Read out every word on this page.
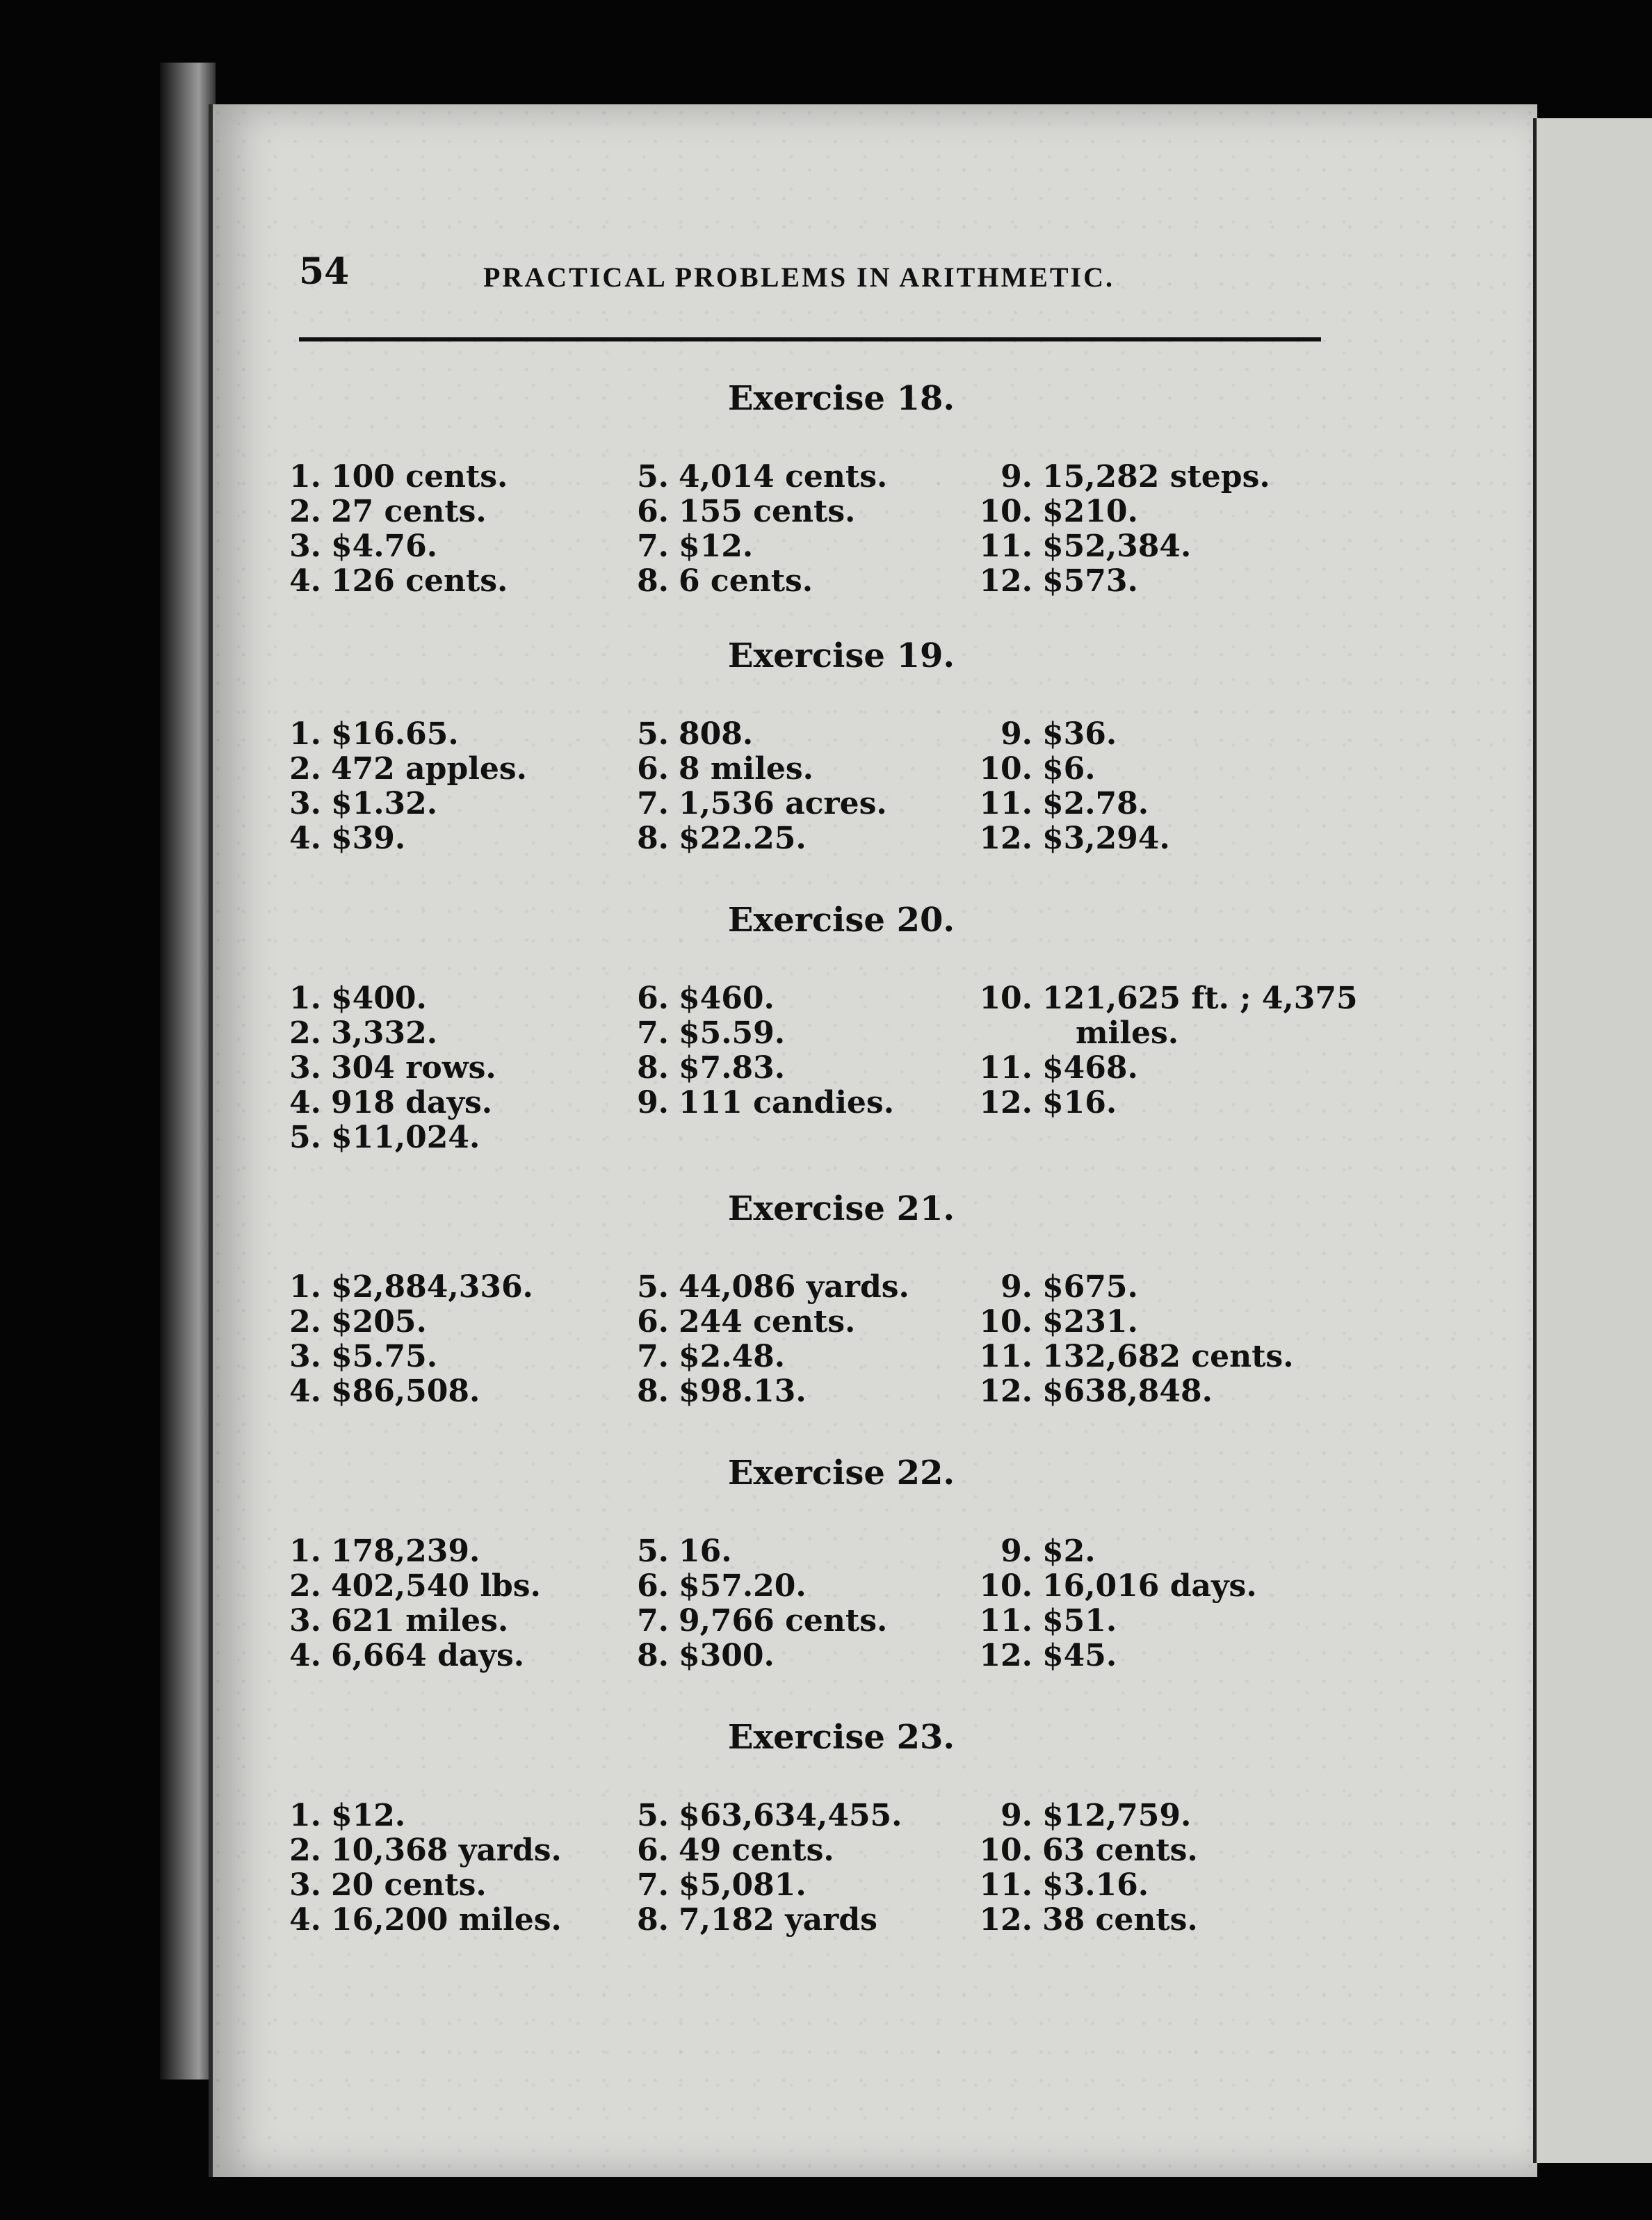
54	PRACTICAL PROBLEMS IN ARITHMETIC.
Exercise 18.
1. 100 cents.
2. 27 cents.
3. $4.76.
4. 126 cents.
5. 4,014 cents.
6. 155 cents.
7. $12.
8. 6 cents.
9. 15,282 steps.
10. $210.
11. $52,384.
12. $573.
Exercise 19.
1. $16.65.
2. 472 apples.
3. $1.32.
4. $39.
5. 808.
6. 8 miles.
7. 1,536 acres.
8. $22.25.
9. $36.
10. $6.
11. $2.78.
12. $3,294.
Exercise 20.
1. $400.
2. 3,332.
3. 304 rows.
4. 918 days.
5. $11,024.
6. $460.
7. $5.59.
8. $7.83.
9. 111 candies.
10. 121,625 ft. ; 4,375
miles.
11. $468.
12. $16.
Exercise 21.
1. $2,884,336.
2. $205.
3. $5.75.
4. $86,508.
5. 44,086 yards.
6. 244 cents.
7. $2.48.
8. $98.13.
9. $675.
10. $231.
11. 132,682 cents.
12. $638,848.
Exercise 22.
1. 178,239.
2. 402,540 lbs.
3. 621 miles.
4. 6,664 days.
5. 16.
6. $57.20.
7. 9,766 cents.
8. $300.
9. $2.
10. 16,016 days.
11. $51.
12. $45.
Exercise 23.
1. $12.
2. 10,368 yards.
3. 20 cents.
4. 16,200 miles.
5. $63,634,455.
6. 49 cents.
7. $5,081.
8. 7,182 yards
9. $12,759.
10. 63 cents.
11. $3.16.
12. 38 cents.
